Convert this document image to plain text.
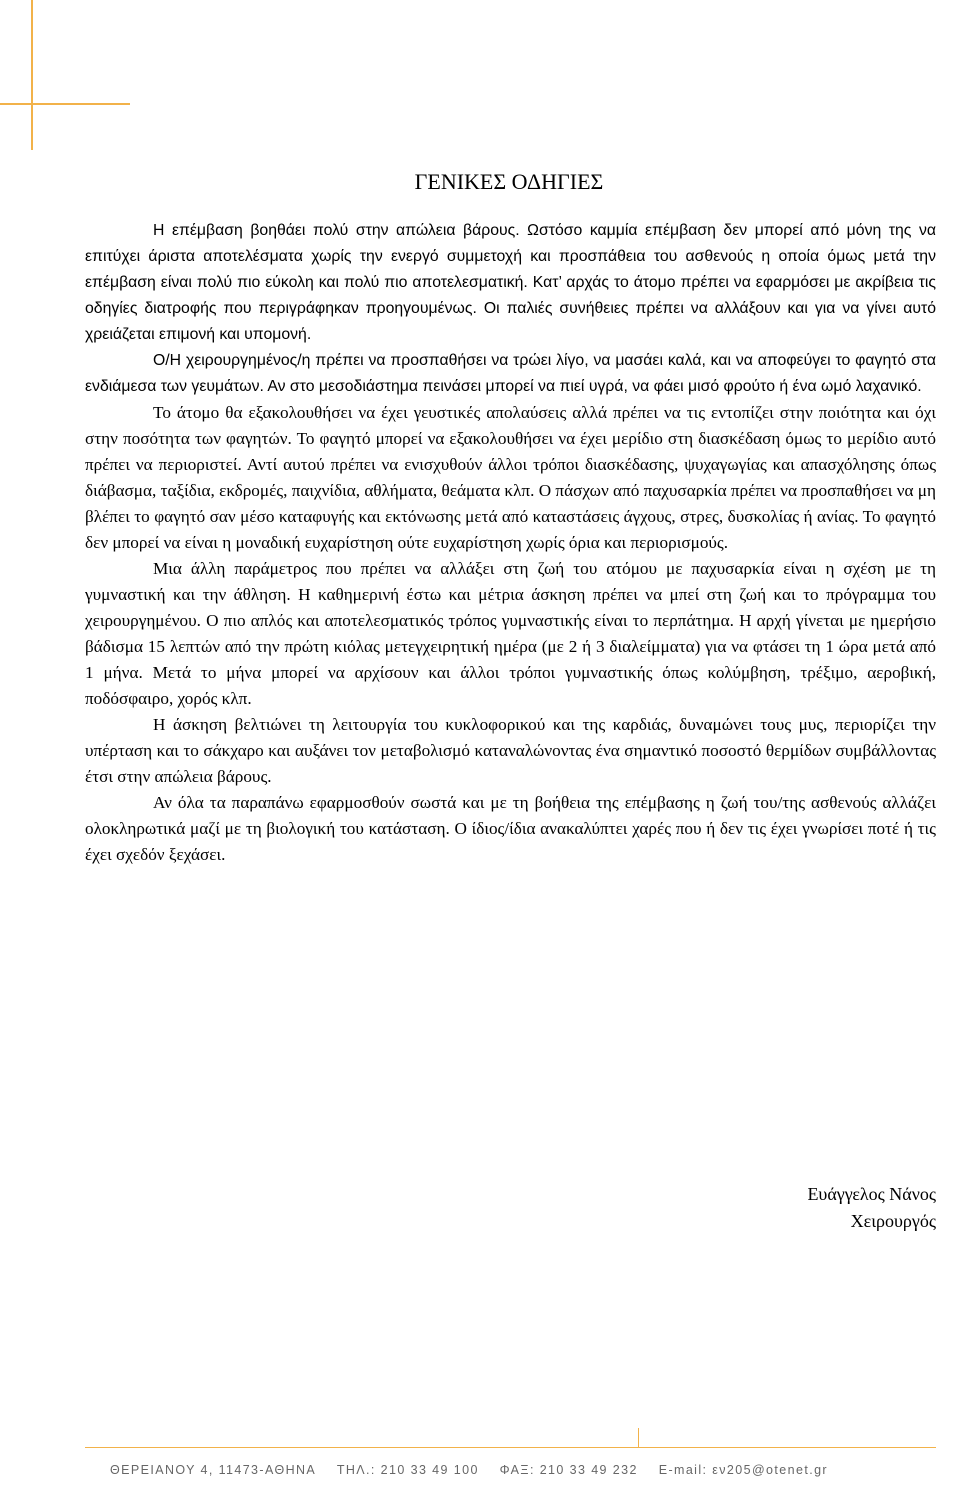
ΓΕΝΙΚΕΣ ΟΔΗΓΙΕΣ

Η επέμβαση βοηθάει πολύ στην απώλεια βάρους. Ωστόσο καμμία επέμβαση δεν μπορεί από μόνη της να επιτύχει άριστα αποτελέσματα χωρίς την ενεργό συμμετοχή και προσπάθεια του ασθενούς η οποία όμως μετά την επέμβαση είναι πολύ πιο εύκολη και πολύ πιο αποτελεσματική. Κατ’ αρχάς το άτομο πρέπει να εφαρμόσει με ακρίβεια τις οδηγίες διατροφής που περιγράφηκαν προηγουμένως. Οι παλιές συνήθειες πρέπει να αλλάξουν και για να γίνει αυτό χρειάζεται επιμονή και υπομονή.

Ο/Η χειρουργημένος/η πρέπει να προσπαθήσει να τρώει λίγο, να μασάει καλά, και να αποφεύγει το φαγητό στα ενδιάμεσα των γευμάτων. Αν στο μεσοδιάστημα πεινάσει μπορεί να πιεί υγρά, να φάει μισό φρούτο ή ένα ωμό λαχανικό.

Το άτομο θα εξακολουθήσει να έχει γευστικές απολαύσεις αλλά πρέπει να τις εντοπίζει στην ποιότητα και όχι στην ποσότητα των φαγητών. Το φαγητό μπορεί να εξακολουθήσει να έχει μερίδιο στη διασκέδαση όμως το μερίδιο αυτό πρέπει να περιοριστεί. Αντί αυτού πρέπει να ενισχυθούν άλλοι τρόποι διασκέδασης, ψυχαγωγίας και απασχόλησης όπως διάβασμα, ταξίδια, εκδρομές, παιχνίδια, αθλήματα, θεάματα κλπ. Ο πάσχων από παχυσαρκία πρέπει να προσπαθήσει να μη βλέπει το φαγητό σαν μέσο καταφυγής και εκτόνωσης μετά από καταστάσεις άγχους, στρες, δυσκολίας ή ανίας. Το φαγητό δεν μπορεί να είναι η μοναδική ευχαρίστηση ούτε ευχαρίστηση χωρίς όρια και περιορισμούς.

Μια άλλη παράμετρος που πρέπει να αλλάξει στη ζωή του ατόμου με παχυσαρκία είναι η σχέση με τη γυμναστική και την άθληση. Η καθημερινή έστω και μέτρια άσκηση πρέπει να μπεί στη ζωή και το πρόγραμμα του χειρουργημένου. Ο πιο απλός και αποτελεσματικός τρόπος γυμναστικής είναι το περπάτημα. Η αρχή γίνεται με ημερήσιο βάδισμα 15 λεπτών από την πρώτη κιόλας μετεγχειρητική ημέρα (με 2 ή 3 διαλείμματα) για να φτάσει τη 1 ώρα μετά από 1 μήνα. Μετά το μήνα μπορεί να αρχίσουν και άλλοι τρόποι γυμναστικής όπως κολύμβηση, τρέξιμο, αεροβική, ποδόσφαιρο, χορός κλπ.

Η άσκηση βελτιώνει τη λειτουργία του κυκλοφορικού και της καρδιάς, δυναμώνει τους μυς, περιορίζει την υπέρταση και το σάκχαρο και αυξάνει τον μεταβολισμό καταναλώνοντας ένα σημαντικό ποσοστό θερμίδων συμβάλλοντας έτσι στην απώλεια βάρους.

Αν όλα τα παραπάνω εφαρμοσθούν σωστά και με τη βοήθεια της επέμβασης η ζωή του/της ασθενούς αλλάζει ολοκληρωτικά μαζί με τη βιολογική του κατάσταση. Ο ίδιος/ίδια ανακαλύπτει χαρές που ή δεν τις έχει γνωρίσει ποτέ ή τις έχει σχεδόν ξεχάσει.

Ευάγγελος Νάνος
Χειρουργός
ΘΕΡΕΙΑΝΟΥ 4, 11473-ΑΘΗΝΑ ΤΗΛ.: 210 33 49 100 ΦΑΞ: 210 33 49 232 E-mail: εν205@otenet.gr
